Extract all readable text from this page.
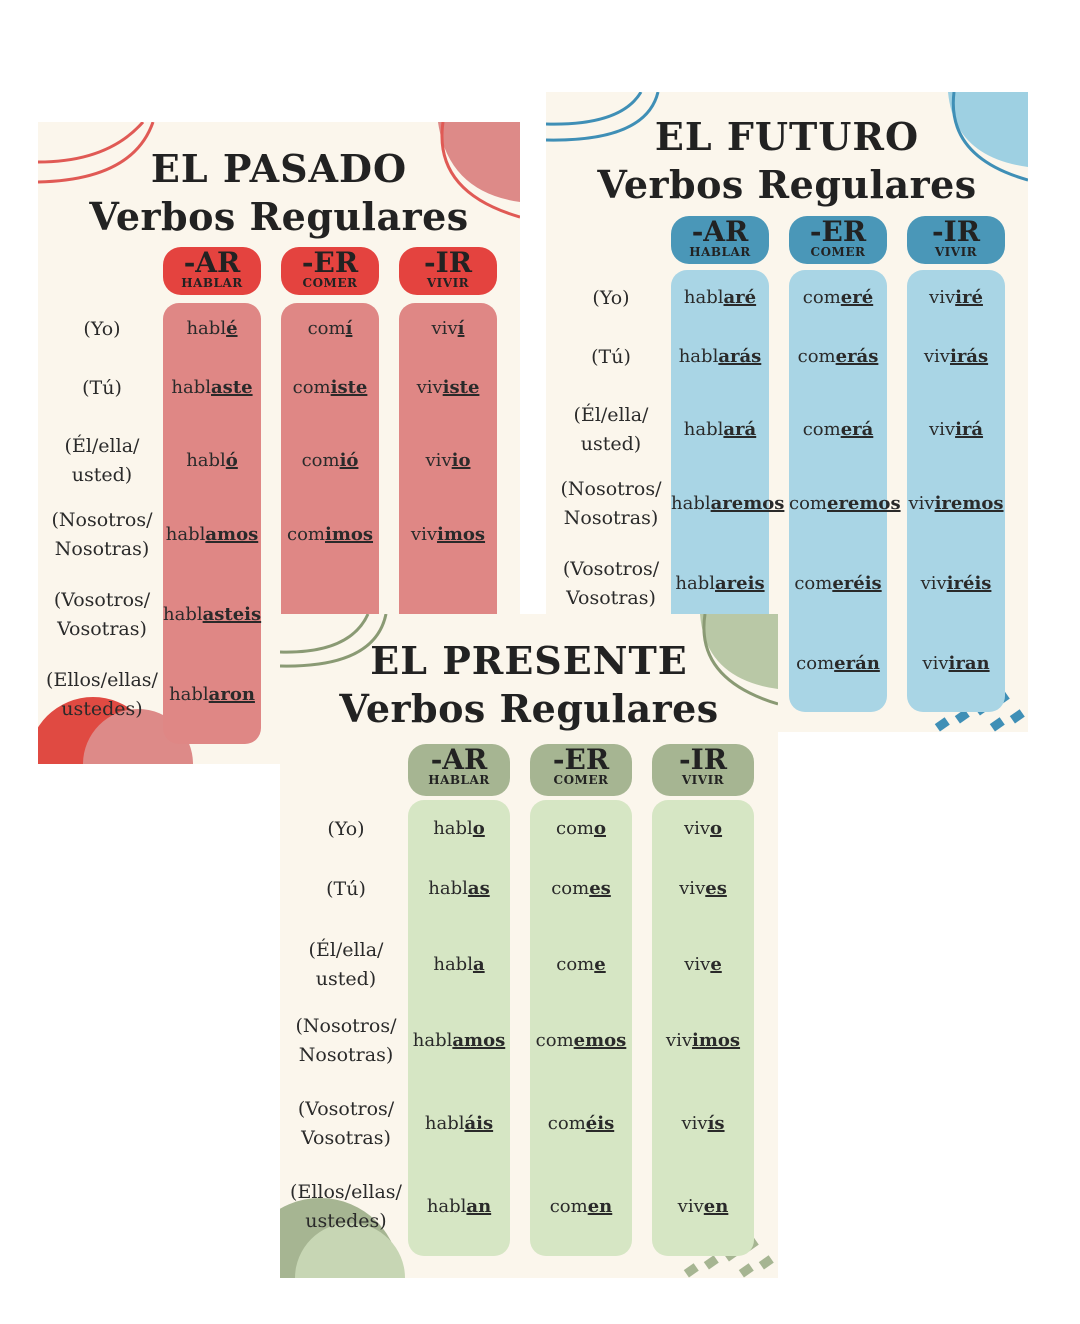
EL PASADO
Verbos Regulares
-AR
HABLAR
hablé
hablaste
habló
hablamos
hablasteis
hablaron
-ER
COMER
comí
comiste
comió
comimos
-IR
VIVIR
viví
viviste
vivio
vivimos
(Yo)
(Tú)
(Él/ella/
usted)
(Nosotros/
Nosotras)
(Vosotros/
Vosotras)
(Ellos/ellas/
ustedes)
EL FUTURO
Verbos Regulares
-AR
HABLAR
hablaré
hablarás
hablará
hablaremos
hablareis
-ER
COMER
comeré
comerás
comerá
comeremos
comeréis
comerán
-IR
VIVIR
viviré
vivirás
vivirá
viviremos
viviréis
viviran
(Yo)
(Tú)
(Él/ella/
usted)
(Nosotros/
Nosotras)
(Vosotros/
Vosotras)
EL PRESENTE
Verbos Regulares
-AR
HABLAR
hablo
hablas
habla
hablamos
habláis
hablan
-ER
COMER
como
comes
come
comemos
coméis
comen
-IR
VIVIR
vivo
vives
vive
vivimos
vivís
viven
(Yo)
(Tú)
(Él/ella/
usted)
(Nosotros/
Nosotras)
(Vosotros/
Vosotras)
(Ellos/ellas/
ustedes)
